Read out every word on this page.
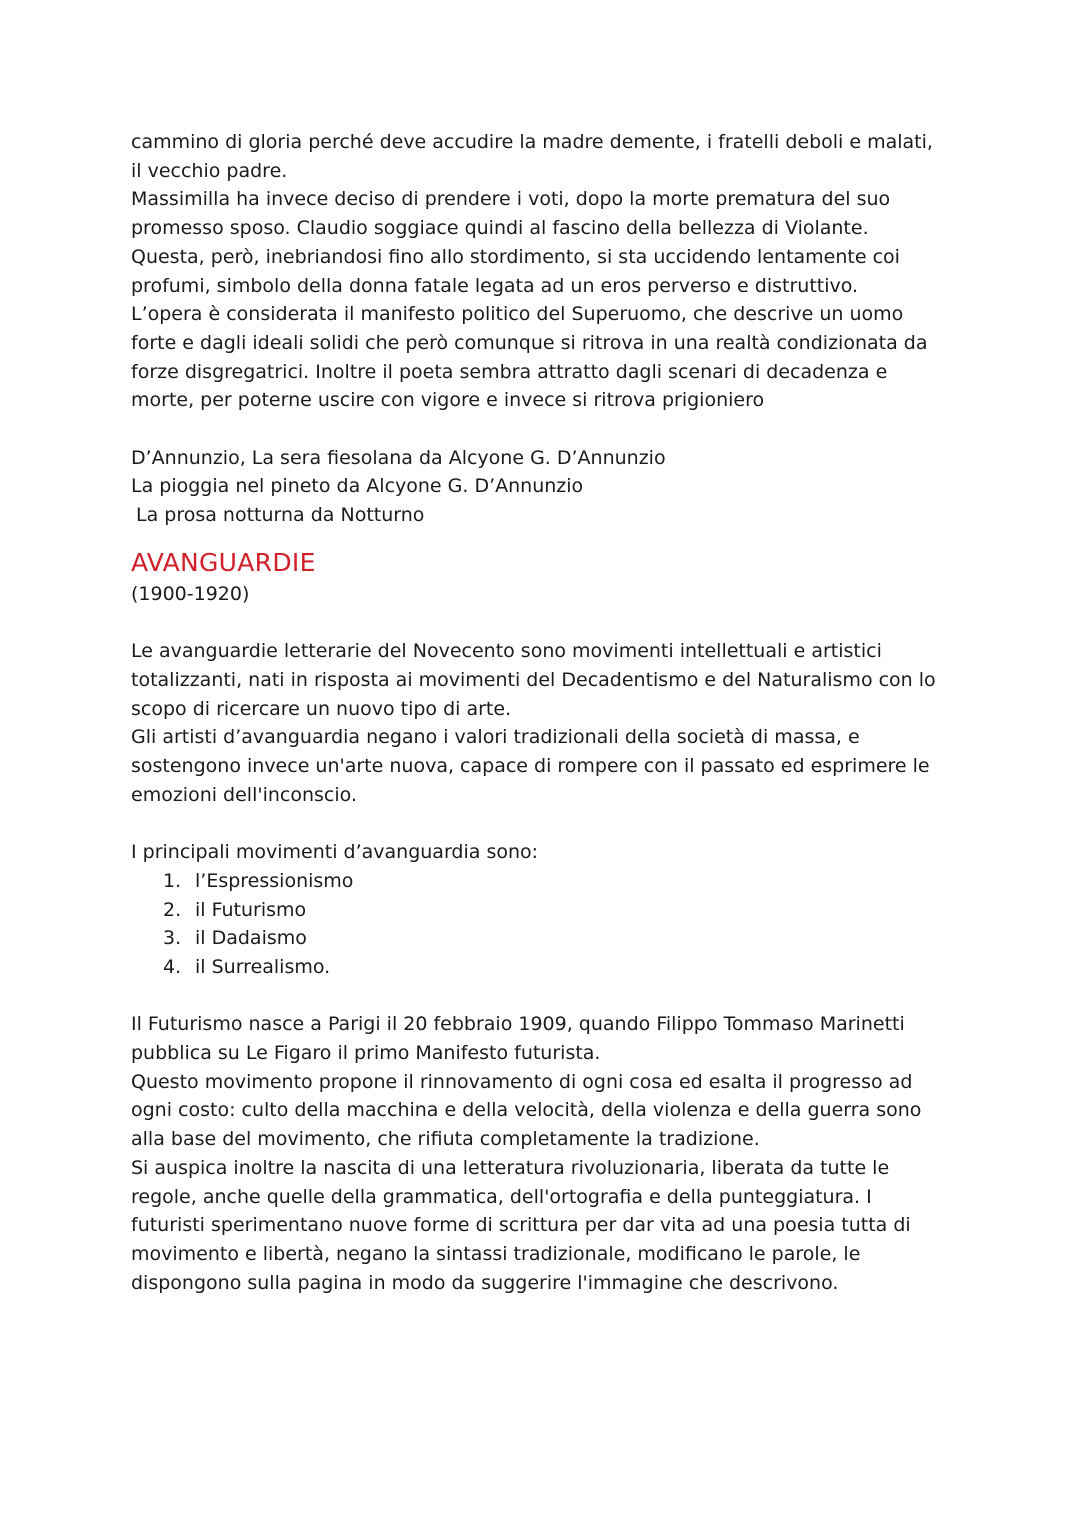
cammino di gloria perché deve accudire la madre demente, i fratelli deboli e malati,

il vecchio padre.

Massimilla ha invece deciso di prendere i voti, dopo la morte prematura del suo

promesso sposo. Claudio soggiace quindi al fascino della bellezza di Violante.

Questa, però, inebriandosi fino allo stordimento, si sta uccidendo lentamente coi

profumi, simbolo della donna fatale legata ad un eros perverso e distruttivo.

L’opera è considerata il manifesto politico del Superuomo, che descrive un uomo

forte e dagli ideali solidi che però comunque si ritrova in una realtà condizionata da

forze disgregatrici. Inoltre il poeta sembra attratto dagli scenari di decadenza e

morte, per poterne uscire con vigore e invece si ritrova prigioniero

D’Annunzio, La sera fiesolana da Alcyone G. D’Annunzio

La pioggia nel pineto da Alcyone G. D’Annunzio

La prosa notturna da Notturno

AVANGUARDIE

(1900-1920)

Le avanguardie letterarie del Novecento sono movimenti intellettuali e artistici

totalizzanti, nati in risposta ai movimenti del Decadentismo e del Naturalismo con lo

scopo di ricercare un nuovo tipo di arte.

Gli artisti d’avanguardia negano i valori tradizionali della società di massa, e

sostengono invece un'arte nuova, capace di rompere con il passato ed esprimere le

emozioni dell'inconscio.

I principali movimenti d’avanguardia sono:

1. l’Espressionismo
2. il Futurismo
3. il Dadaismo
4. il Surrealismo.

Il Futurismo nasce a Parigi il 20 febbraio 1909, quando Filippo Tommaso Marinetti

pubblica su Le Figaro il primo Manifesto futurista.

Questo movimento propone il rinnovamento di ogni cosa ed esalta il progresso ad

ogni costo: culto della macchina e della velocità, della violenza e della guerra sono

alla base del movimento, che rifiuta completamente la tradizione.

Si auspica inoltre la nascita di una letteratura rivoluzionaria, liberata da tutte le

regole, anche quelle della grammatica, dell'ortografia e della punteggiatura. I

futuristi sperimentano nuove forme di scrittura per dar vita ad una poesia tutta di

movimento e libertà, negano la sintassi tradizionale, modificano le parole, le

dispongono sulla pagina in modo da suggerire l'immagine che descrivono.
